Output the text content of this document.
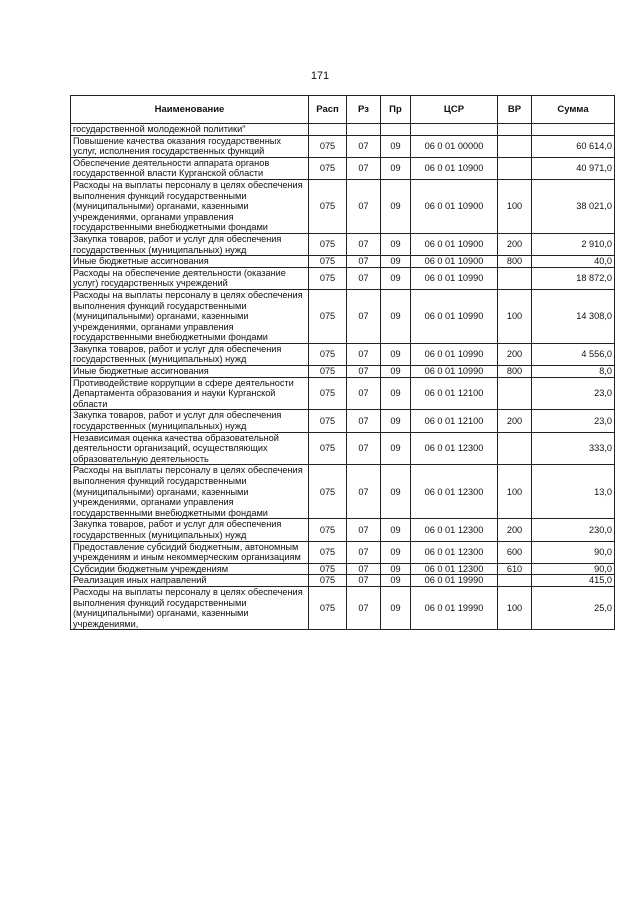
171
Наименование	Расп	Рз	Пр	ЦСР	ВР	Сумма
государственной молодежной политики"						
Повышение качества оказания государственных услуг, исполнения государственных функций	075	07	09	06 0 01 00000		60 614,0
Обеспечение деятельности аппарата органов государственной власти Курганской области	075	07	09	06 0 01 10900		40 971,0
Расходы на выплаты персоналу в целях обеспечения выполнения функций государственными (муниципальными) органами, казенными учреждениями, органами управления государственными внебюджетными фондами	075	07	09	06 0 01 10900	100	38 021,0
Закупка товаров, работ и услуг для обеспечения государственных (муниципальных) нужд	075	07	09	06 0 01 10900	200	2 910,0
Иные бюджетные ассигнования	075	07	09	06 0 01 10900	800	40,0
Расходы на обеспечение деятельности (оказание услуг) государственных учреждений	075	07	09	06 0 01 10990		18 872,0
Расходы на выплаты персоналу в целях обеспечения выполнения функций государственными (муниципальными) органами, казенными учреждениями, органами управления государственными внебюджетными фондами	075	07	09	06 0 01 10990	100	14 308,0
Закупка товаров, работ и услуг для обеспечения государственных (муниципальных) нужд	075	07	09	06 0 01 10990	200	4 556,0
Иные бюджетные ассигнования	075	07	09	06 0 01 10990	800	8,0
Противодействие коррупции в сфере деятельности Департамента образования и науки Курганской области	075	07	09	06 0 01 12100		23,0
Закупка товаров, работ и услуг для обеспечения государственных (муниципальных) нужд	075	07	09	06 0 01 12100	200	23,0
Независимая оценка качества образовательной деятельности организаций, осуществляющих образовательную деятельность	075	07	09	06 0 01 12300		333,0
Расходы на выплаты персоналу в целях обеспечения выполнения функций государственными (муниципальными) органами, казенными учреждениями, органами управления государственными внебюджетными фондами	075	07	09	06 0 01 12300	100	13,0
Закупка товаров, работ и услуг для обеспечения государственных (муниципальных) нужд	075	07	09	06 0 01 12300	200	230,0
Предоставление субсидий бюджетным, автономным учреждениям и иным некоммерческим организациям	075	07	09	06 0 01 12300	600	90,0
Субсидии бюджетным учреждениям	075	07	09	06 0 01 12300	610	90,0
Реализация иных направлений	075	07	09	06 0 01 19990		415,0
Расходы на выплаты персоналу в целях обеспечения выполнения функций государственными (муниципальными) органами, казенными учреждениями,	075	07	09	06 0 01 19990	100	25,0
